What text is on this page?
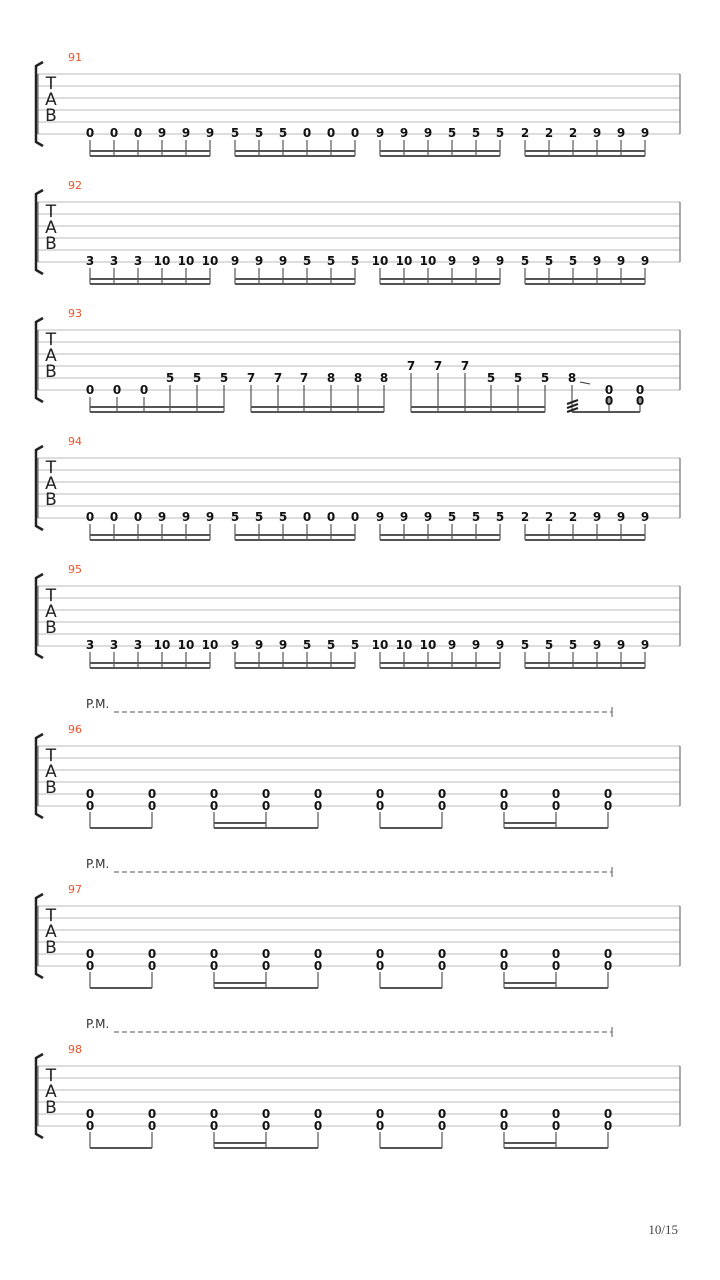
T
A
B
91
0 0 0 9 9 9 5 5 5 0 0 0 9 9 9 5 5 5 2 2 2 9 9 9
T
A
B
92
3 3 3 10 10 10 9 9 9 5 5 5 10 10 10 9 9 9 5 5 5 9 9 9
T
A
B
93
0 0 0
5 5 5 7 7 7 8 8 8
7 7 7
5 5 5 8
0 0
0 0
T
A
B
94
0 0 0 9 9 9 5 5 5 0 0 0 9 9 9 5 5 5 2 2 2 9 9 9
T
A
B
95
3 3 3 10 10 10 9 9 9 5 5 5 10 10 10 9 9 9 5 5 5 9 9 9
T
A
B
96
P.M.
0
0
0
0
0
0
0
0
0
0
0
0
0
0
0
0
0
0
0
0
T
A
B
97
P.M.
0
0
0
0
0
0
0
0
0
0
0
0
0
0
0
0
0
0
0
0
T
A
B
98
P.M.
0
0
0
0
0
0
0
0
0
0
0
0
0
0
0
0
0
0
0
0
10/15
